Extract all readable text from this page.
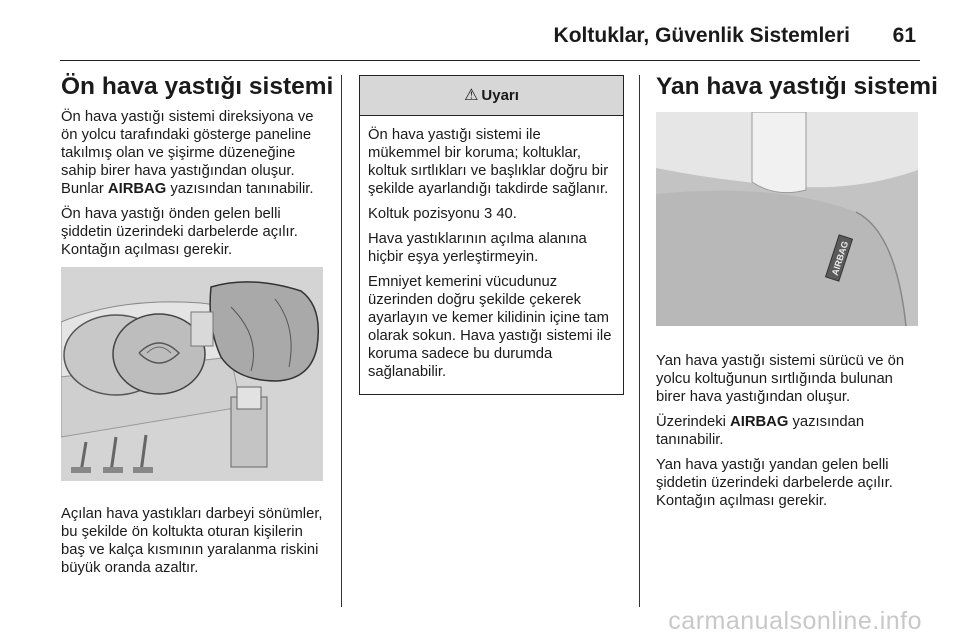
Koltuklar, Güvenlik Sistemleri 61
Ön hava yastığı sistemi

Ön hava yastığı sistemi direksiyona ve ön yolcu tarafındaki gösterge paneline takılmış olan ve şişirme düzeneğine sahip birer hava yastığından oluşur. Bunlar AIRBAG yazısından tanınabilir.

Ön hava yastığı önden gelen belli şiddetin üzerindeki darbelerde açılır. Kontağın açılması gerekir.

Açılan hava yastıkları darbeyi sönümler, bu şekilde ön koltukta oturan kişilerin baş ve kalça kısmının yaralanma riskini büyük oranda azaltır.

⚠ Uyarı

Ön hava yastığı sistemi ile mükemmel bir koruma; koltuklar, koltuk sırtlıkları ve başlıklar doğru bir şekilde ayarlandığı takdirde sağlanır.

Koltuk pozisyonu 3 40.

Hava yastıklarının açılma alanına hiçbir eşya yerleştirmeyin.

Emniyet kemerini vücudunuz üzerinden doğru şekilde çekerek ayarlayın ve kemer kilidinin içine tam olarak sokun. Hava yastığı sistemi ile koruma sadece bu durumda sağlanabilir.

Yan hava yastığı sistemi
AIRBAG

Yan hava yastığı sistemi sürücü ve ön yolcu koltuğunun sırtlığında bulunan birer hava yastığından oluşur.

Üzerindeki AIRBAG yazısından tanınabilir.

Yan hava yastığı yandan gelen belli şiddetin üzerindeki darbelerde açılır. Kontağın açılması gerekir.

carmanualsonline.info
